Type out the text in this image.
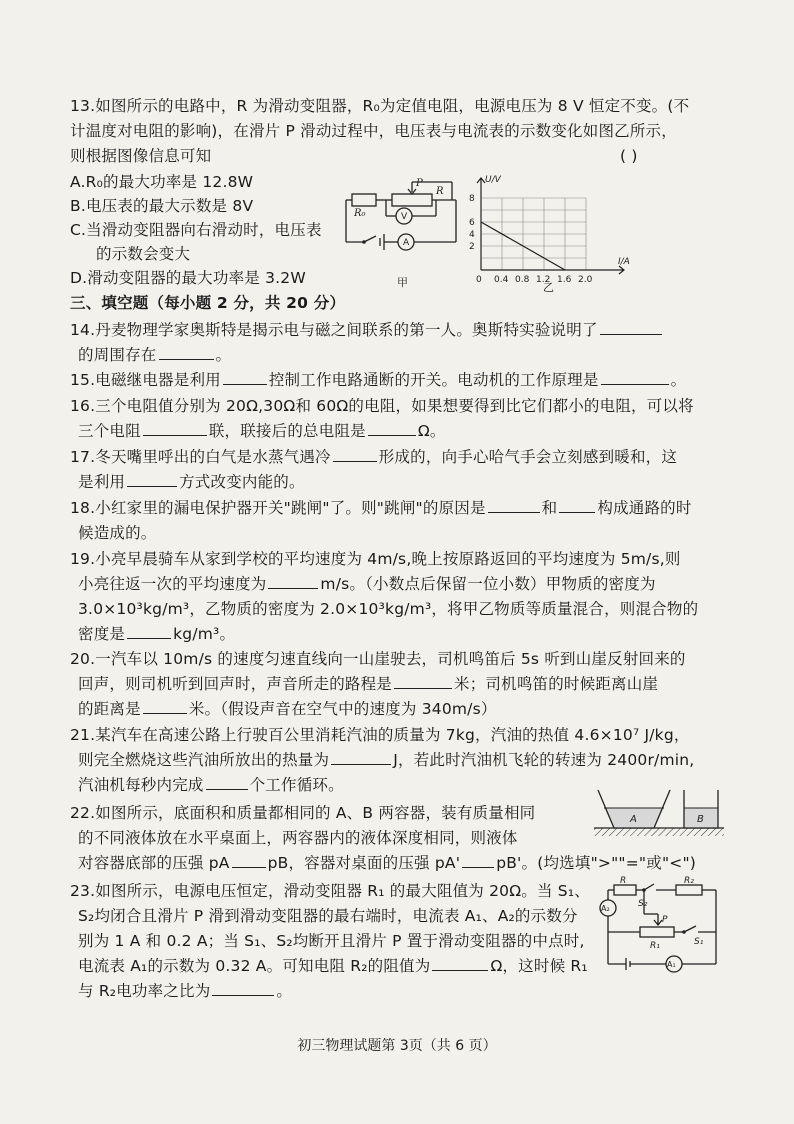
13.如图所示的电路中，R 为滑动变阻器，R₀为定值电阻，电源电压为 8 V 恒定不变。(不
计温度对电阻的影响)，在滑片 P 滑动过程中，电压表与电流表的示数变化如图乙所示，
则根据图像信息可知	( )
A.R₀的最大功率是 12.8W
B.电压表的最大示数是 8V
C.当滑动变阻器向右滑动时，电压表
的示数会变大
D.滑动变阻器的最大功率是 3.2W
P
R
R₀	V
A
甲
U/V
I/A
2
4
6
8
0 0.4 0.8 1.2 1.6 2.0
乙
三、填空题（每小题 2 分，共 20 分）
14.丹麦物理学家奥斯特是揭示电与磁之间联系的第一人。奥斯特实验说明了
的周围存在	。
15.电磁继电器是利用	控制工作电路通断的开关。电动机的工作原理是	。
16.三个电阻值分别为 20Ω,30Ω和 60Ω的电阻，如果想要得到比它们都小的电阻，可以将
三个电阻	联，联接后的总电阻是	Ω。
17.冬天嘴里呼出的白气是水蒸气遇冷	形成的，向手心哈气手会立刻感到暖和，这
是利用	方式改变内能的。
18.小红家里的漏电保护器开关"跳闸"了。则"跳闸"的原因是	和	构成通路的时
候造成的。
19.小亮早晨骑车从家到学校的平均速度为 4m/s,晚上按原路返回的平均速度为 5m/s,则
小亮往返一次的平均速度为	m/s。（小数点后保留一位小数）甲物质的密度为
3.0×10³kg/m³，乙物质的密度为 2.0×10³kg/m³，将甲乙物质等质量混合，则混合物的
密度是	kg/m³。
20.一汽车以 10m/s 的速度匀速直线向一山崖驶去，司机鸣笛后 5s 听到山崖反射回来的
回声，则司机听到回声时，声音所走的路程是	米；司机鸣笛的时候距离山崖
的距离是	米。（假设声音在空气中的速度为 340m/s）
21.某汽车在高速公路上行驶百公里消耗汽油的质量为 7kg，汽油的热值 4.6×10⁷ J/kg，
则完全燃烧这些汽油所放出的热量为	J，若此时汽油机飞轮的转速为 2400r/min,
汽油机每秒内完成	个工作循环。
22.如图所示，底面积和质量都相同的 A、B 两容器，装有质量相同
的不同液体放在水平桌面上，两容器内的液体深度相同，则液体
对容器底部的压强 pA pB，容器对桌面的压强 pA' pB'。(均选填">""="或"<")
A	B
23.如图所示，电源电压恒定，滑动变阻器 R₁ 的最大阻值为 20Ω。当 S₁、
S₂均闭合且滑片 P 滑到滑动变阻器的最右端时，电流表 A₁、A₂的示数分
别为 1 A 和 0.2 A；当 S₁、S₂均断开且滑片 P 置于滑动变阻器的中点时,
电流表 A₁的示数为 0.32 A。可知电阻 R₂的阻值为	Ω，这时候 R₁
与 R₂电功率之比为	。
R	R₂
A₂	S₂
P
R₁	S₁
A₁
初三物理试题第 3页（共 6 页）
